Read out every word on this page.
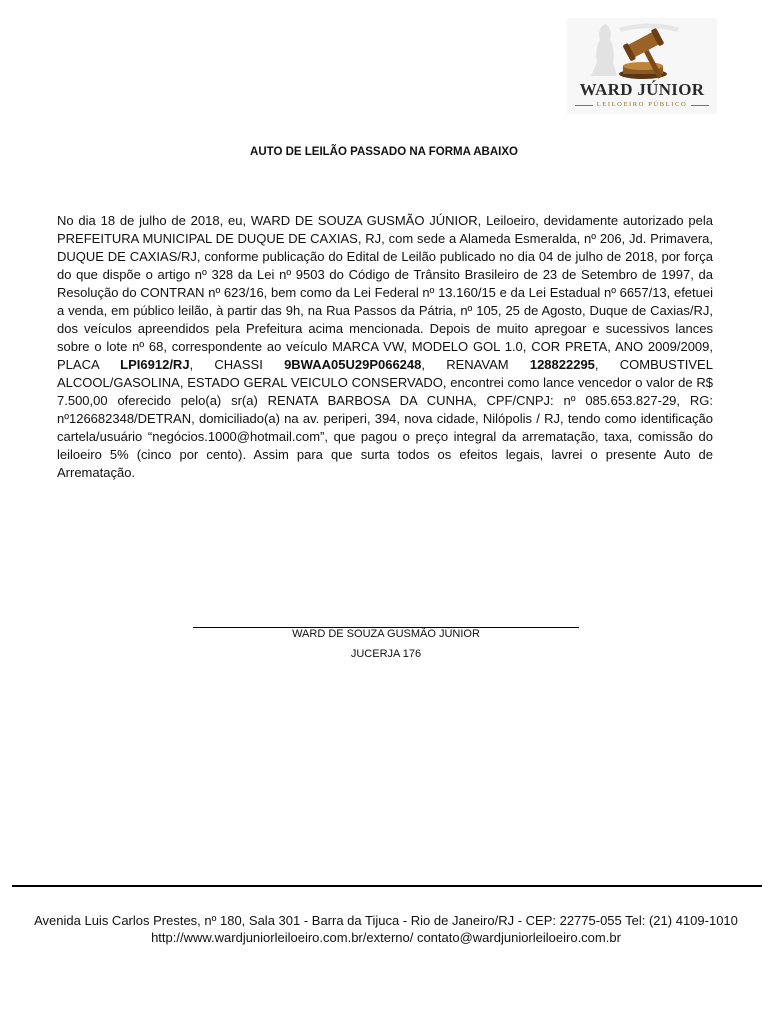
WARD JÚNIOR
LEILOEIRO PÚBLICO
AUTO DE LEILÃO PASSADO NA FORMA ABAIXO
No dia 18 de julho de 2018, eu, WARD DE SOUZA GUSMÃO JÚNIOR, Leiloeiro, devidamente autorizado pela PREFEITURA MUNICIPAL DE DUQUE DE CAXIAS, RJ, com sede a Alameda Esmeralda, nº 206, Jd. Primavera, DUQUE DE CAXIAS/RJ, conforme publicação do Edital de Leilão publicado no dia 04 de julho de 2018, por força do que dispõe o artigo nº 328 da Lei nº 9503 do Código de Trânsito Brasileiro de 23 de Setembro de 1997, da Resolução do CONTRAN nº 623/16, bem como da Lei Federal nº 13.160/15 e da Lei Estadual nº 6657/13, efetuei a venda, em público leilão, à partir das 9h, na Rua Passos da Pátria, nº 105, 25 de Agosto, Duque de Caxias/RJ, dos veículos apreendidos pela Prefeitura acima mencionada. Depois de muito apregoar e sucessivos lances sobre o lote nº 68, correspondente ao veículo MARCA VW, MODELO GOL 1.0, COR PRETA, ANO 2009/2009, PLACA LPI6912/RJ, CHASSI 9BWAA05U29P066248, RENAVAM 128822295, COMBUSTIVEL ALCOOL/GASOLINA, ESTADO GERAL VEICULO CONSERVADO, encontrei como lance vencedor o valor de R$ 7.500,00 oferecido pelo(a) sr(a) RENATA BARBOSA DA CUNHA, CPF/CNPJ: nº 085.653.827-29, RG: nº126682348/DETRAN, domiciliado(a) na av. periperi, 394, nova cidade, Nilópolis / RJ, tendo como identificação cartela/usuário “negócios.1000@hotmail.com”, que pagou o preço integral da arrematação, taxa, comissão do leiloeiro 5% (cinco por cento). Assim para que surta todos os efeitos legais, lavrei o presente Auto de Arrematação.
WARD DE SOUZA GUSMÃO JÚNIOR
JUCERJA 176
Avenida Luis Carlos Prestes, nº 180, Sala 301 - Barra da Tijuca - Rio de Janeiro/RJ - CEP: 22775-055 Tel: (21) 4109-1010
http://www.wardjuniorleiloeiro.com.br/externo/ contato@wardjuniorleiloeiro.com.br
